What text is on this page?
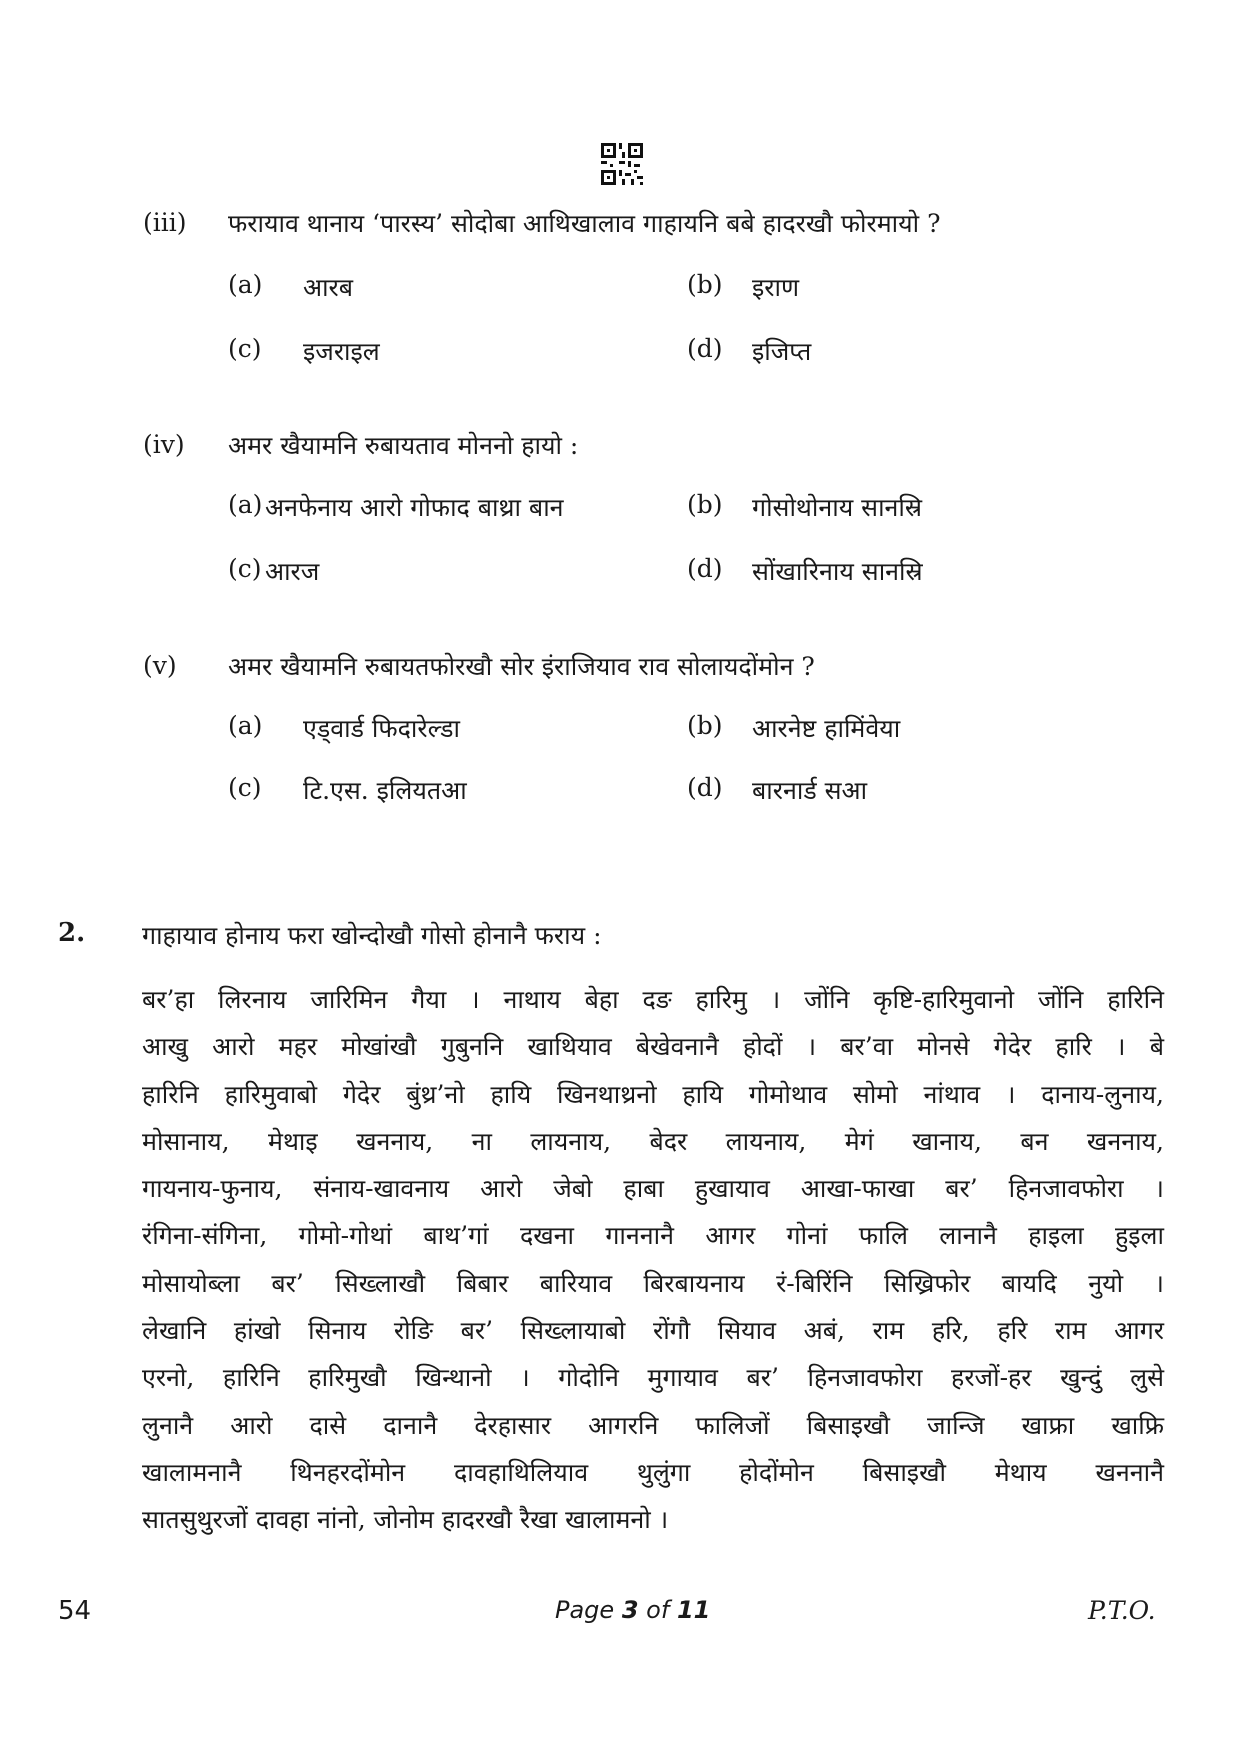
(iii) फरायाव थानाय ‘पारस्य’ सोदोबा आथिखालाव गाहायनि बबे हादरखौ फोरमायो ?
(a) आरब	(b) इराण
(c) इजराइल	(d) इजिप्त
(iv) अमर खैयामनि रुबायताव मोननो हायो :
(a) अनफेनाय आरो गोफाद बाथ्रा बान	(b) गोसोथोनाय सानस्रि
(c) आरज	(d) सोंखारिनाय सानस्रि
(v) अमर खैयामनि रुबायतफोरखौ सोर इंराजियाव राव सोलायदोंमोन ?
(a) एड्वार्ड फिदारेल्डा	(b) आरनेष्ट हामिंवेया
(c) टि.एस. इलियतआ	(d) बारनार्ड सआ
2. गाहायाव होनाय फरा खोन्दोखौ गोसो होनानै फराय :
बर’हा लिरनाय जारिमिन गैया । नाथाय बेहा दङ हारिमु । जोंनि कृष्टि-हारिमुवानो जोंनि हारिनि
आखु आरो महर मोखांखौ गुबुननि खाथियाव बेखेवनानै होदों । बर’वा मोनसे गेदेर हारि । बे
हारिनि हारिमुवाबो गेदेर बुंथ्र’नो हायि खिनथाथ्रनो हायि गोमोथाव सोमो नांथाव । दानाय-लुनाय,
मोसानाय, मेथाइ खननाय, ना लायनाय, बेदर लायनाय, मेगं खानाय, बन खननाय,
गायनाय-फुनाय, संनाय-खावनाय आरो जेबो हाबा हुखायाव आखा-फाखा बर’ हिनजावफोरा ।
रंगिना-संगिना, गोमो-गोथां बाथ’गां दखना गाननानै आगर गोनां फालि लानानै हाइला हुइला
मोसायोब्ला बर’ सिख्लाखौ बिबार बारियाव बिरबायनाय रं-बिरिंनि सिख्रिफोर बायदि नुयो ।
लेखानि हांखो सिनाय रोङि बर’ सिख्लायाबो रोंगौ सियाव अबं, राम हरि, हरि राम आगर
एरनो, हारिनि हारिमुखौ खिन्थानो । गोदोनि मुगायाव बर’ हिनजावफोरा हरजों-हर खुन्दुं लुसे
लुनानै आरो दासे दानानै देरहासार आगरनि फालिजों बिसाइखौ जान्जि खाफ्रा खाफ्रि
खालामनानै थिनहरदोंमोन दावहाथिलियाव थुलुंगा होदोंमोन बिसाइखौ मेथाय खननानै
सातसुथुरजों दावहा नांनो, जोनोम हादरखौ रैखा खालामनो ।
54	Page 3 of 11	P.T.O.
